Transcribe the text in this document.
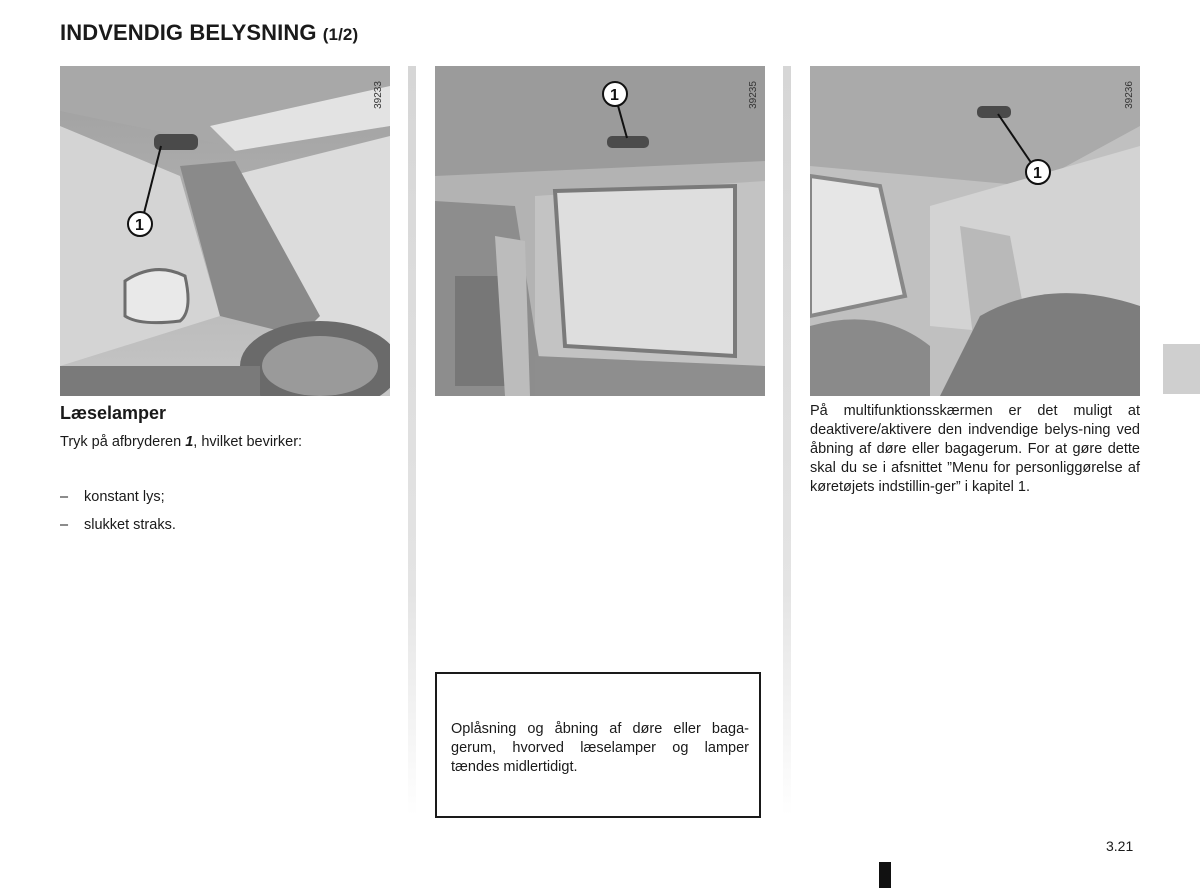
INDVENDIG BELYSNING (1/2)
1
39233	1	39235
1
39236
Læselamper
Tryk på afbryderen 1, hvilket bevirker:
– konstant lys;
– slukket straks.

Oplåsning og åbning af døre eller baga-gerum, hvorved læselamper og lamper tændes midlertidigt.

På multifunktionsskærmen er det muligt at deaktivere/aktivere den indvendige belys-ning ved åbning af døre eller bagagerum. For at gøre dette skal du se i afsnittet ”Menu for personliggørelse af køretøjets indstillin-ger” i kapitel 1.
3.21
